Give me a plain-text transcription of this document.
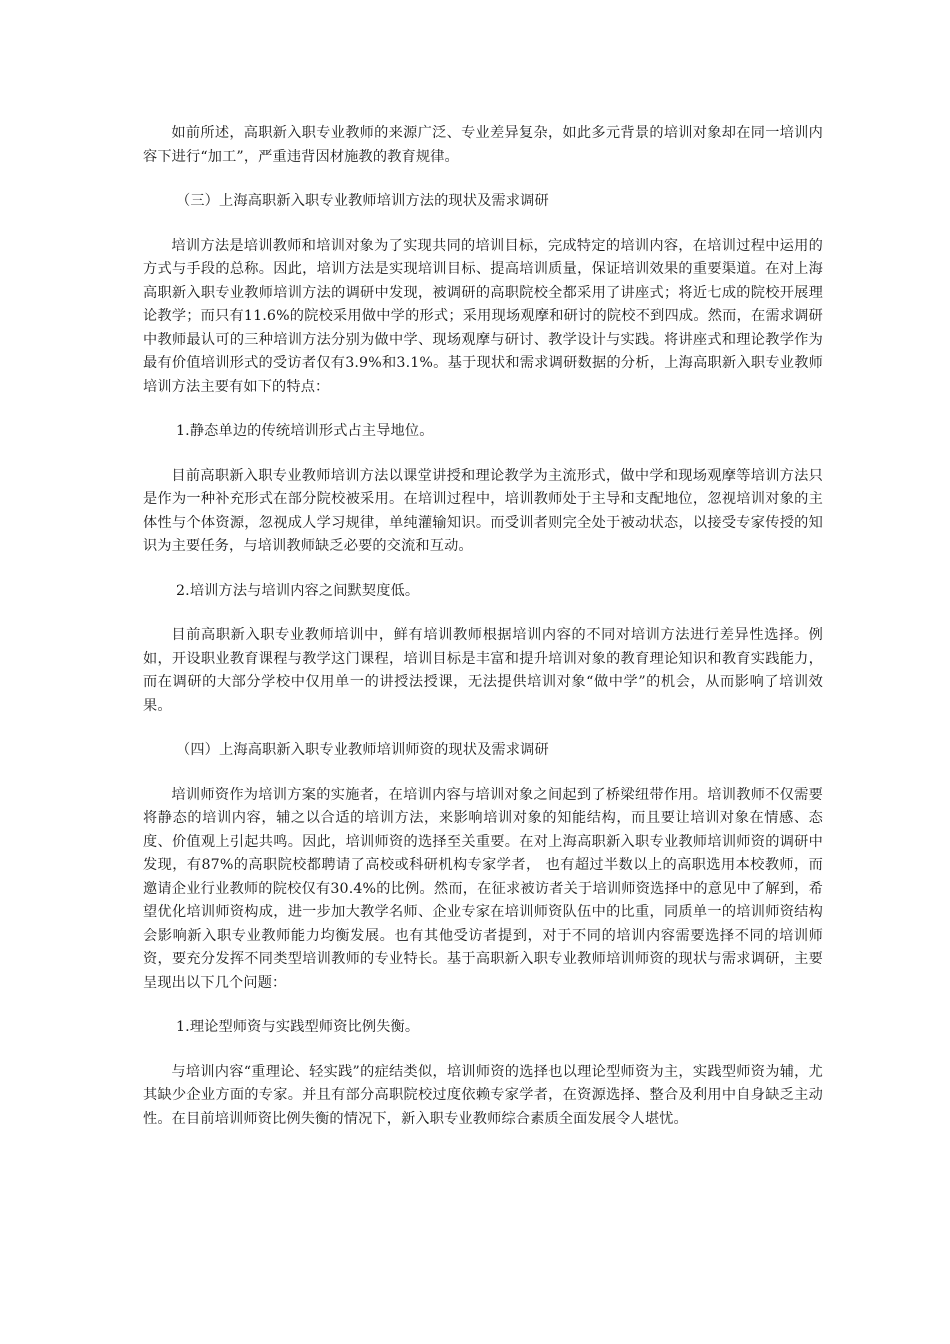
如前所述，高职新入职专业教师的来源广泛、专业差异复杂，如此多元背景的培训对象却在同一培训内容下进行“加工”，严重违背因材施教的教育规律。

（三）上海高职新入职专业教师培训方法的现状及需求调研

培训方法是培训教师和培训对象为了实现共同的培训目标，完成特定的培训内容，在培训过程中运用的方式与手段的总称。因此，培训方法是实现培训目标、提高培训质量，保证培训效果的重要渠道。在对上海高职新入职专业教师培训方法的调研中发现，被调研的高职院校全都采用了讲座式；将近七成的院校开展理论教学；而只有11.6%的院校采用做中学的形式；采用现场观摩和研讨的院校不到四成。然而，在需求调研中教师最认可的三种培训方法分别为做中学、现场观摩与研讨、教学设计与实践。将讲座式和理论教学作为最有价值培训形式的受访者仅有3.9%和3.1%。基于现状和需求调研数据的分析，上海高职新入职专业教师培训方法主要有如下的特点：

1.静态单边的传统培训形式占主导地位。

目前高职新入职专业教师培训方法以课堂讲授和理论教学为主流形式，做中学和现场观摩等培训方法只是作为一种补充形式在部分院校被采用。在培训过程中，培训教师处于主导和支配地位，忽视培训对象的主体性与个体资源，忽视成人学习规律，单纯灌输知识。而受训者则完全处于被动状态，以接受专家传授的知识为主要任务，与培训教师缺乏必要的交流和互动。

2.培训方法与培训内容之间默契度低。

目前高职新入职专业教师培训中，鲜有培训教师根据培训内容的不同对培训方法进行差异性选择。例如，开设职业教育课程与教学这门课程，培训目标是丰富和提升培训对象的教育理论知识和教育实践能力，而在调研的大部分学校中仅用单一的讲授法授课，无法提供培训对象“做中学”的机会，从而影响了培训效果。

（四）上海高职新入职专业教师培训师资的现状及需求调研

培训师资作为培训方案的实施者，在培训内容与培训对象之间起到了桥梁纽带作用。培训教师不仅需要将静态的培训内容，辅之以合适的培训方法，来影响培训对象的知能结构，而且要让培训对象在情感、态度、价值观上引起共鸣。因此，培训师资的选择至关重要。在对上海高职新入职专业教师培训师资的调研中发现，有87%的高职院校都聘请了高校或科研机构专家学者， 也有超过半数以上的高职选用本校教师，而邀请企业行业教师的院校仅有30.4%的比例。然而，在征求被访者关于培训师资选择中的意见中了解到，希望优化培训师资构成，进一步加大教学名师、企业专家在培训师资队伍中的比重，同质单一的培训师资结构会影响新入职专业教师能力均衡发展。也有其他受访者提到，对于不同的培训内容需要选择不同的培训师资，要充分发挥不同类型培训教师的专业特长。基于高职新入职专业教师培训师资的现状与需求调研，主要呈现出以下几个问题：

1.理论型师资与实践型师资比例失衡。

与培训内容“重理论、轻实践”的症结类似，培训师资的选择也以理论型师资为主，实践型师资为辅，尤其缺少企业方面的专家。并且有部分高职院校过度依赖专家学者，在资源选择、整合及利用中自身缺乏主动性。在目前培训师资比例失衡的情况下，新入职专业教师综合素质全面发展令人堪忧。
